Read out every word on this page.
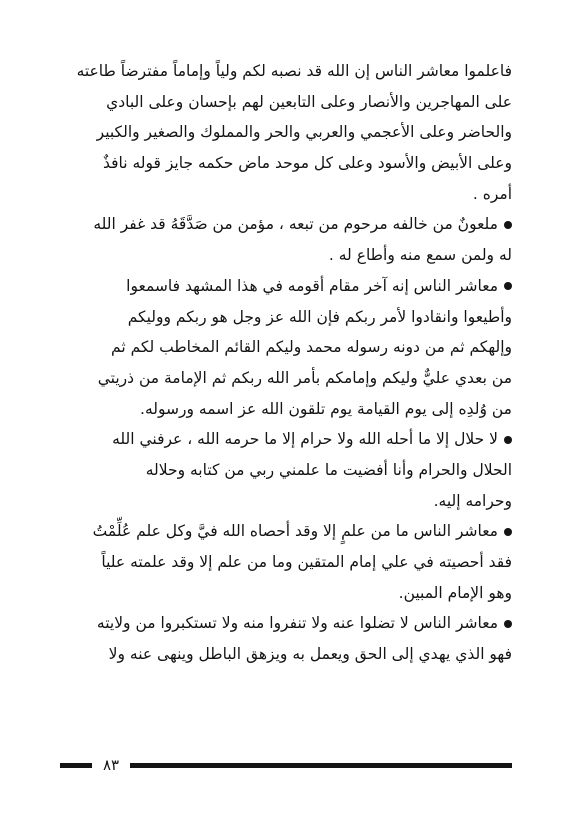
فاعلموا معاشر الناس إن الله قد نصبه لكم ولياً وإماماً مفترضاً طاعته
على المهاجرين والأنصار وعلى التابعين لهم بإحسان وعلى البادي
والحاضر وعلى الأعجمي والعربي والحر والمملوك والصغير والكبير
وعلى الأبيض والأسود وعلى كل موحد ماض حكمه جايز قوله نافذٌ
أمره .
ملعونٌ من خالفه مرحوم من تبعه ، مؤمن من صَدَّقَهُ قد غفر الله
له ولمن سمع منه وأطاع له .
معاشر الناس إنه آخر مقام أقومه في هذا المشهد فاسمعوا
وأطيعوا وانقادوا لأمر ربكم فإن الله عز وجل هو ربكم ووليكم
وإلهكم ثم من دونه رسوله محمد وليكم القائم المخاطب لكم ثم
من بعدي عليٌّ وليكم وإمامكم بأمر الله ربكم ثم الإمامة من ذريتي
من وُلدِه إلى يوم القيامة يوم تلقون الله عز اسمه ورسوله.
لا حلال إلا ما أحله الله ولا حرام إلا ما حرمه الله ، عرفني الله
الحلال والحرام وأنا أفضيت ما علمني ربي من كتابه وحلاله
وحرامه إليه.
معاشر الناس ما من علمٍ إلا وقد أحصاه الله فيَّ وكل علم عُلِّمْتُ
فقد أحصيته في علي إمام المتقين وما من علم إلا وقد علمته علياً
وهو الإمام المبين.
معاشر الناس لا تضلوا عنه ولا تنفروا منه ولا تستكبروا من ولايته
فهو الذي يهدي إلى الحق ويعمل به ويزهق الباطل وينهى عنه ولا
٨٣
